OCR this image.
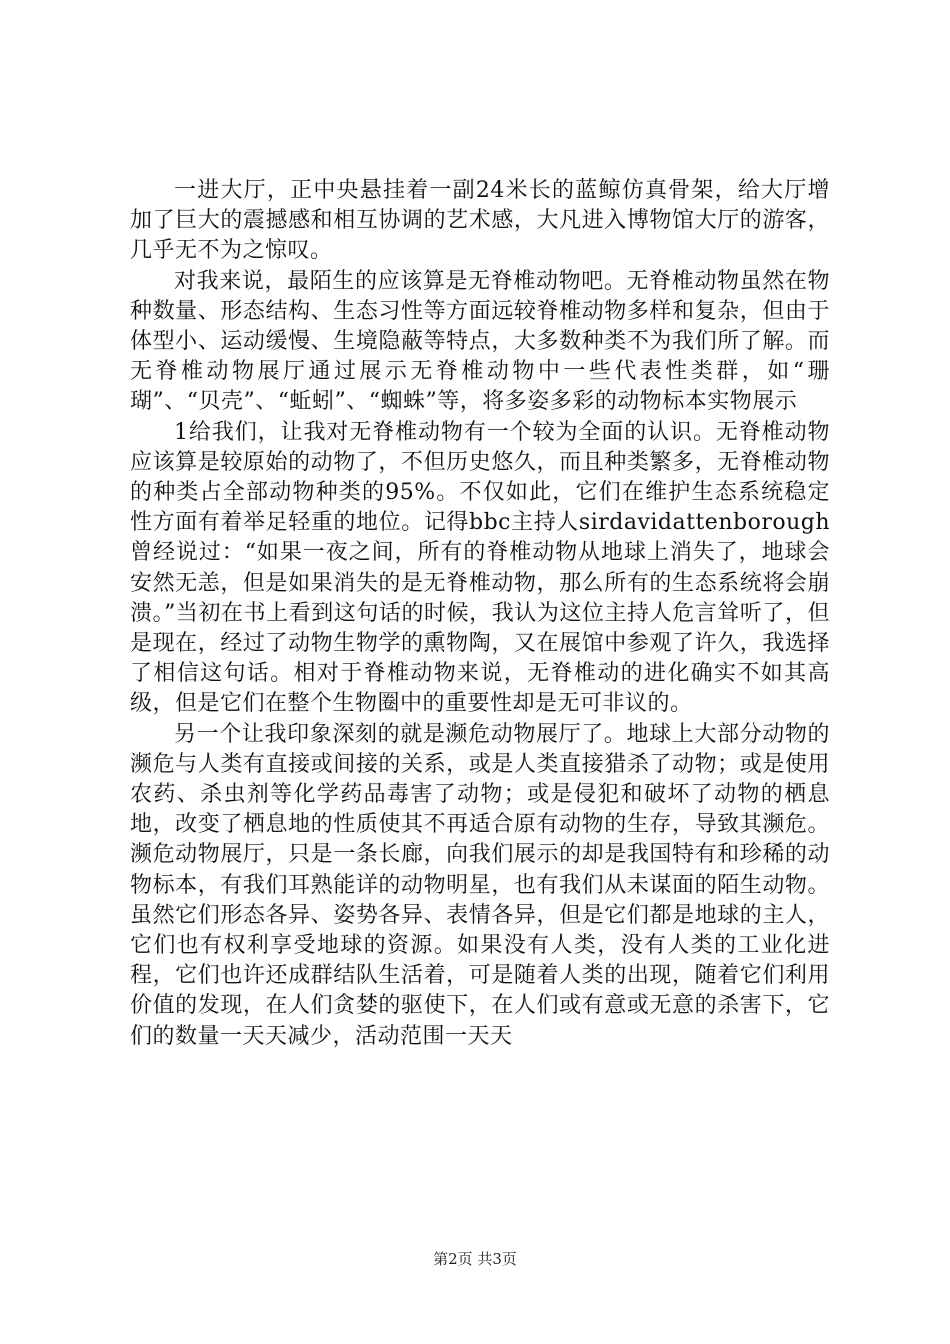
一进大厅，正中央悬挂着一副24米长的蓝鲸仿真骨架，给大厅增加了巨大的震撼感和相互协调的艺术感，大凡进入博物馆大厅的游客，几乎无不为之惊叹。

对我来说，最陌生的应该算是无脊椎动物吧。无脊椎动物虽然在物种数量、形态结构、生态习性等方面远较脊椎动物多样和复杂，但由于体型小、运动缓慢、生境隐蔽等特点，大多数种类不为我们所了解。而无脊椎动物展厅通过展示无脊椎动物中一些代表性类群，如“珊瑚”、“贝壳”、“蚯蚓”、“蜘蛛”等，将多姿多彩的动物标本实物展示

1给我们，让我对无脊椎动物有一个较为全面的认识。无脊椎动物应该算是较原始的动物了，不但历史悠久，而且种类繁多，无脊椎动物的种类占全部动物种类的95%。不仅如此，它们在维护生态系统稳定性方面有着举足轻重的地位。记得bbc主持人sirdavidattenborough曾经说过：“如果一夜之间，所有的脊椎动物从地球上消失了，地球会安然无恙，但是如果消失的是无脊椎动物，那么所有的生态系统将会崩溃。”当初在书上看到这句话的时候，我认为这位主持人危言耸听了，但是现在，经过了动物生物学的熏物陶，又在展馆中参观了许久，我选择了相信这句话。相对于脊椎动物来说，无脊椎动的进化确实不如其高级，但是它们在整个生物圈中的重要性却是无可非议的。

另一个让我印象深刻的就是濒危动物展厅了。地球上大部分动物的濒危与人类有直接或间接的关系，或是人类直接猎杀了动物；或是使用农药、杀虫剂等化学药品毒害了动物；或是侵犯和破坏了动物的栖息地，改变了栖息地的性质使其不再适合原有动物的生存，导致其濒危。濒危动物展厅，只是一条长廊，向我们展示的却是我国特有和珍稀的动物标本，有我们耳熟能详的动物明星，也有我们从未谋面的陌生动物。虽然它们形态各异、姿势各异、表情各异，但是它们都是地球的主人，它们也有权利享受地球的资源。如果没有人类，没有人类的工业化进程，它们也许还成群结队生活着，可是随着人类的出现，随着它们利用价值的发现，在人们贪婪的驱使下，在人们或有意或无意的杀害下，它们的数量一天天减少，活动范围一天天

第2页 共3页
